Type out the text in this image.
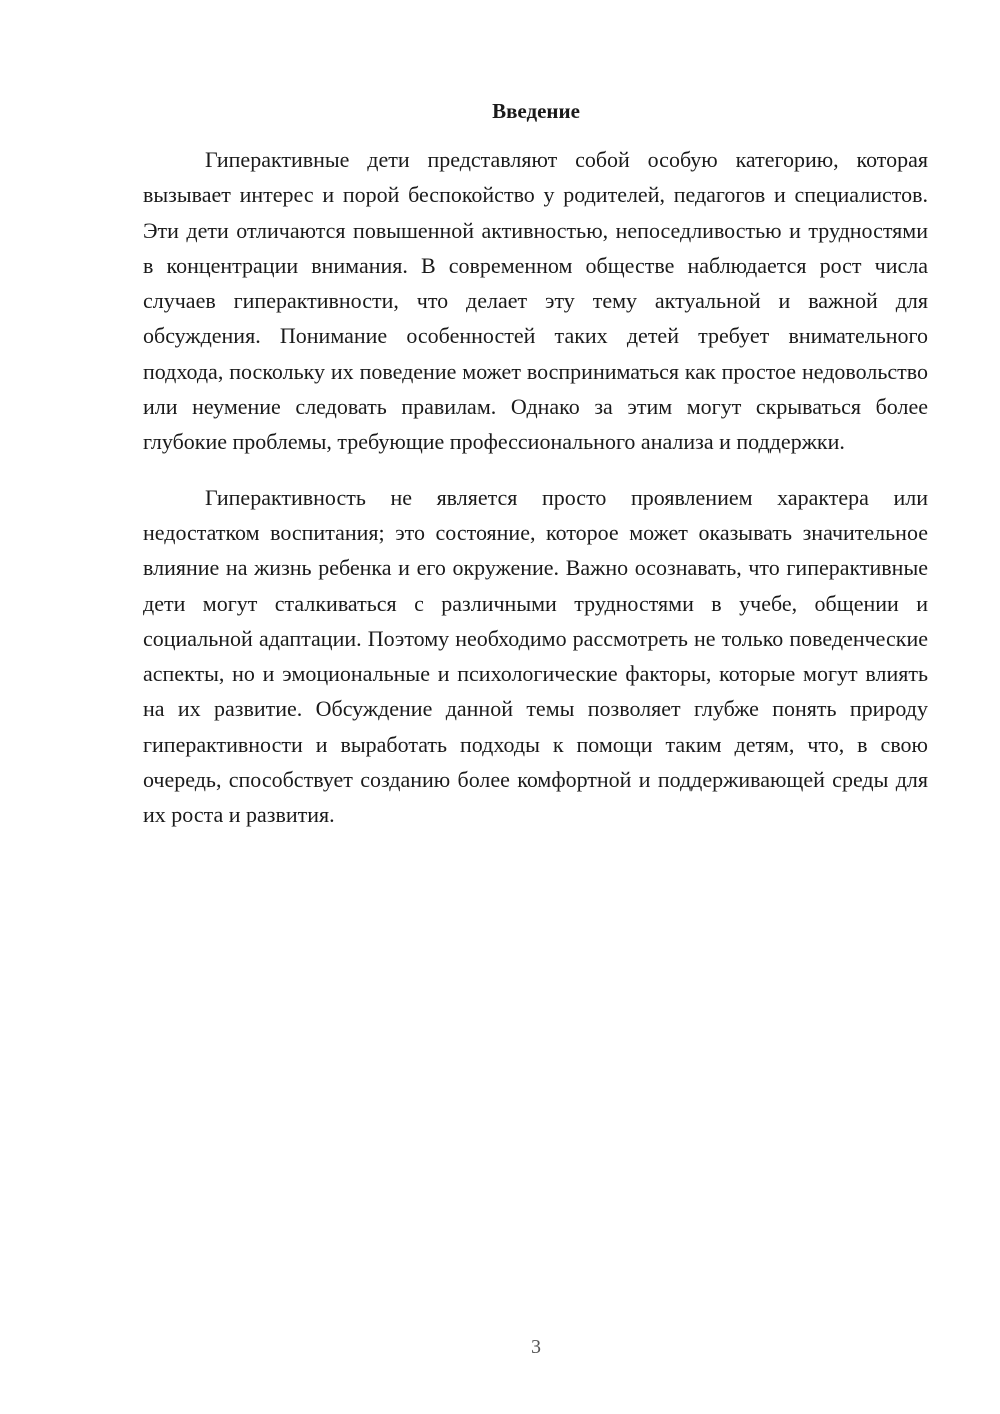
Введение

Гиперактивные дети представляют собой особую категорию, которая вызывает интерес и порой беспокойство у родителей, педагогов и специалистов. Эти дети отличаются повышенной активностью, непоседливостью и трудностями в концентрации внимания. В современном обществе наблюдается рост числа случаев гиперактивности, что делает эту тему актуальной и важной для обсуждения. Понимание особенностей таких детей требует внимательного подхода, поскольку их поведение может восприниматься как простое недовольство или неумение следовать правилам. Однако за этим могут скрываться более глубокие проблемы, требующие профессионального анализа и поддержки.

Гиперактивность не является просто проявлением характера или недостатком воспитания; это состояние, которое может оказывать значительное влияние на жизнь ребенка и его окружение. Важно осознавать, что гиперактивные дети могут сталкиваться с различными трудностями в учебе, общении и социальной адаптации. Поэтому необходимо рассмотреть не только поведенческие аспекты, но и эмоциональные и психологические факторы, которые могут влиять на их развитие. Обсуждение данной темы позволяет глубже понять природу гиперактивности и выработать подходы к помощи таким детям, что, в свою очередь, способствует созданию более комфортной и поддерживающей среды для их роста и развития.

3
